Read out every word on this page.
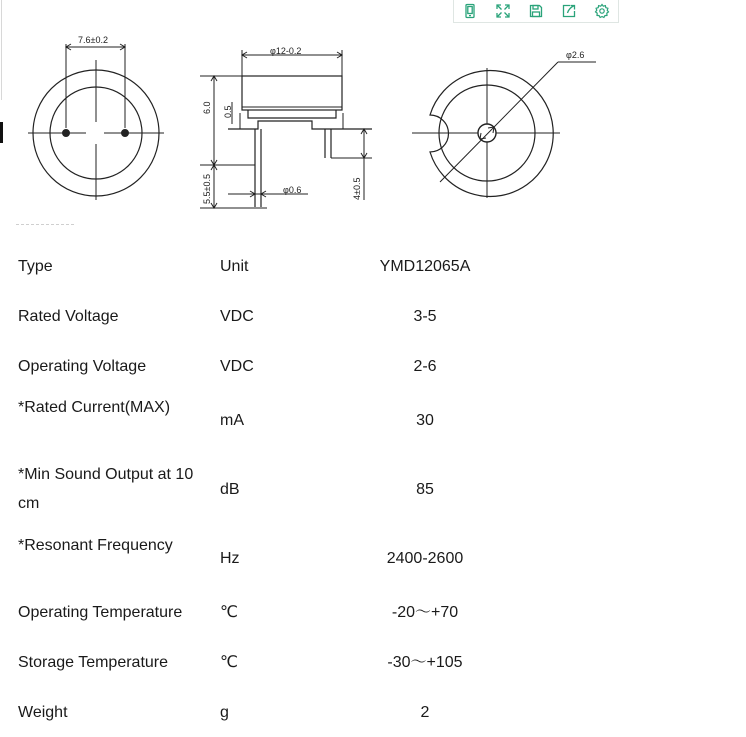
7.6±0.2
φ12-0.2
6.0
5.5±0.5
0.5
φ0.6	4±0.5
φ2.6
Type	Unit	YMD12065A
Rated Voltage	VDC	3-5
Operating Voltage	VDC	2-6
*Rated Current(MAX)	mA	30
*Min Sound Output at 10 cm	dB	85
*Resonant Frequency	Hz	2400-2600
Operating Temperature	℃	-20～+70
Storage Temperature	℃	-30～+105
Weight	g	2
